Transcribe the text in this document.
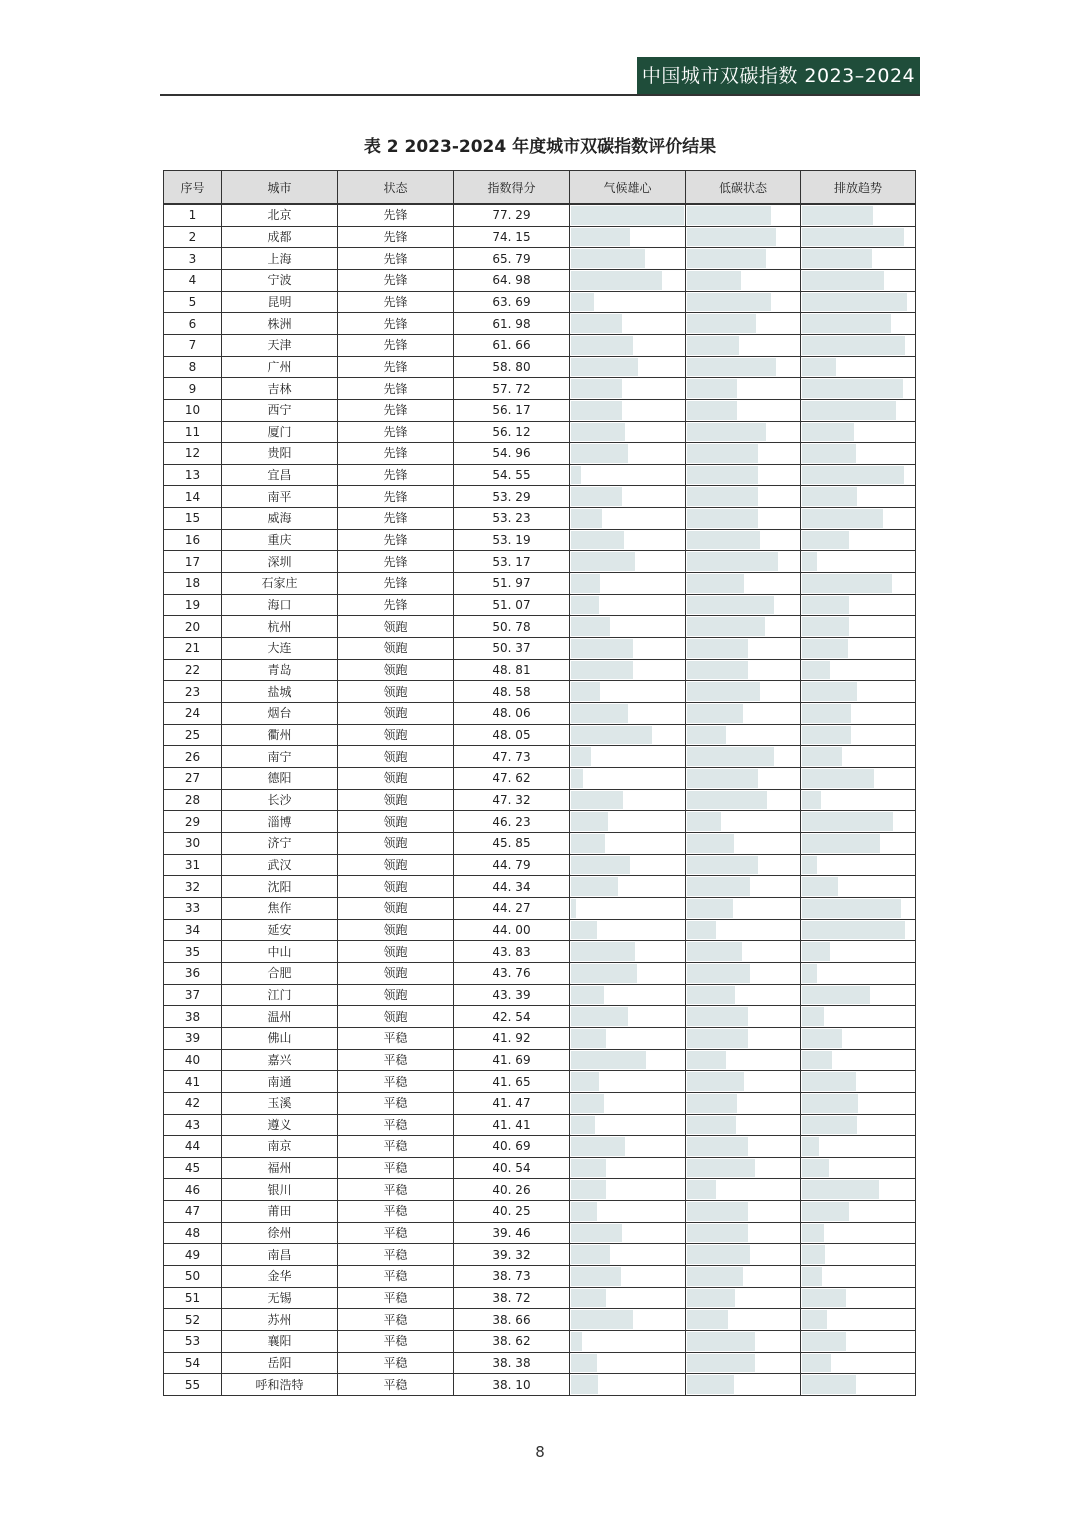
中国城市双碳指数 2023–2024
表 2 2023-2024 年度城市双碳指数评价结果
序号	城市	状态	指数得分	气候雄心	低碳状态	排放趋势
1	北京	先锋	77. 29	

2	成都	先锋	74. 15	

3	上海	先锋	65. 79	

4	宁波	先锋	64. 98	

5	昆明	先锋	63. 69	

6	株洲	先锋	61. 98	

7	天津	先锋	61. 66	

8	广州	先锋	58. 80	

9	吉林	先锋	57. 72	

10	西宁	先锋	56. 17	

11	厦门	先锋	56. 12	

12	贵阳	先锋	54. 96	

13	宜昌	先锋	54. 55	

14	南平	先锋	53. 29	

15	威海	先锋	53. 23	

16	重庆	先锋	53. 19	

17	深圳	先锋	53. 17	

18	石家庄	先锋	51. 97	

19	海口	先锋	51. 07	

20	杭州	领跑	50. 78	

21	大连	领跑	50. 37	

22	青岛	领跑	48. 81	

23	盐城	领跑	48. 58	

24	烟台	领跑	48. 06	

25	衢州	领跑	48. 05	

26	南宁	领跑	47. 73	

27	德阳	领跑	47. 62	

28	长沙	领跑	47. 32	

29	淄博	领跑	46. 23	

30	济宁	领跑	45. 85	

31	武汉	领跑	44. 79	

32	沈阳	领跑	44. 34	

33	焦作	领跑	44. 27	

34	延安	领跑	44. 00	

35	中山	领跑	43. 83	

36	合肥	领跑	43. 76	

37	江门	领跑	43. 39	

38	温州	领跑	42. 54	

39	佛山	平稳	41. 92	

40	嘉兴	平稳	41. 69	

41	南通	平稳	41. 65	

42	玉溪	平稳	41. 47	

43	遵义	平稳	41. 41	

44	南京	平稳	40. 69	

45	福州	平稳	40. 54	

46	银川	平稳	40. 26	

47	莆田	平稳	40. 25	

48	徐州	平稳	39. 46	

49	南昌	平稳	39. 32	

50	金华	平稳	38. 73	

51	无锡	平稳	38. 72	

52	苏州	平稳	38. 66	

53	襄阳	平稳	38. 62	

54	岳阳	平稳	38. 38	

55	呼和浩特	平稳	38. 10	

8
